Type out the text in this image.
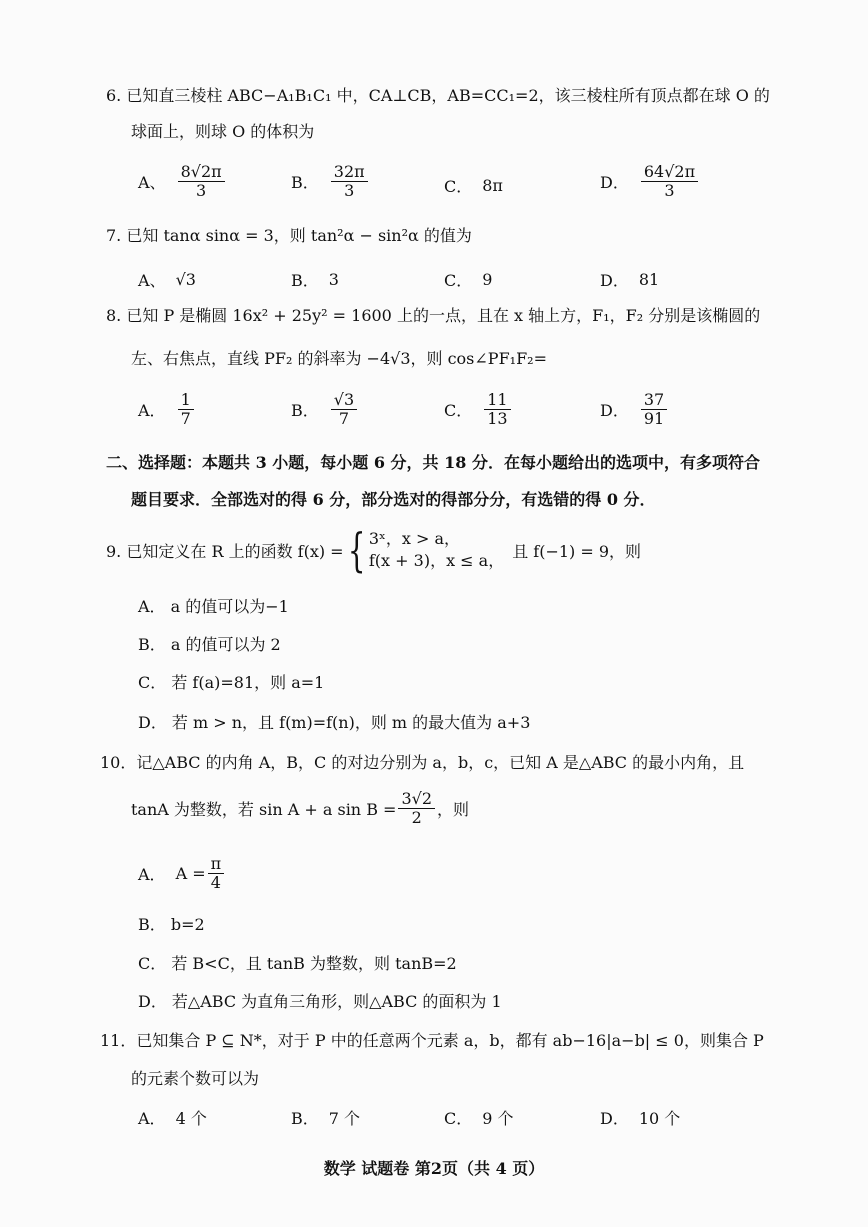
6. 已知直三棱柱 ABC−A₁B₁C₁ 中，CA⊥CB，AB=CC₁=2，该三棱柱所有顶点都在球 O 的
球面上，则球 O 的体积为
A、 $\frac{8√2\pi}{3}$	B． $\frac{32\pi}{3}$	C． 8π	D． $\frac{64√2\pi}{3}$
7. 已知 tanα sinα = 3，则 tan²α − sin²α 的值为
A、 √3	B． 3	C． 9	D． 81
8. 已知 P 是椭圆 16x² + 25y² = 1600 上的一点，且在 x 轴上方，F₁，F₂ 分别是该椭圆的
左、右焦点，直线 PF₂ 的斜率为 −4√3，则 cos∠PF₁F₂=
A． $\frac{1}{7}$	B． $\frac{√3}{7}$	C． $\frac{11}{13}$	D． $\frac{37}{91}$
二、选择题：本题共 3 小题，每小题 6 分，共 18 分．在每小题给出的选项中，有多项符合
题目要求．全部选对的得 6 分，部分选对的得部分分，有选错的得 0 分．
9. 已知定义在 R 上的函数 f(x) = { 3ˣ，x > a，
f(x + 3)，x ≤ a， 且 f(−1) = 9，则
A． a 的值可以为−1
B． a 的值可以为 2
C． 若 f(a)=81，则 a=1
D． 若 m > n，且 f(m)=f(n)，则 m 的最大值为 a+3
10．记△ABC 的内角 A，B，C 的对边分别为 a，b，c，已知 A 是△ABC 的最小内角，且
tanA 为整数，若 sin A + a $\sin B = \frac{3√2}{2}$ ，则
A． $A = \frac{\pi}{4}$
B． b=2
C． 若 B<C，且 tanB 为整数，则 tanB=2
D． 若△ABC 为直角三角形，则△ABC 的面积为 1
11．已知集合 P ⊆ N*，对于 P 中的任意两个元素 a，b，都有 ab−16|a−b| ≤ 0，则集合 P
的元素个数可以为
A． 4 个	B． 7 个	C． 9 个	D． 10 个
数学 试题卷 第2页（共 4 页）
